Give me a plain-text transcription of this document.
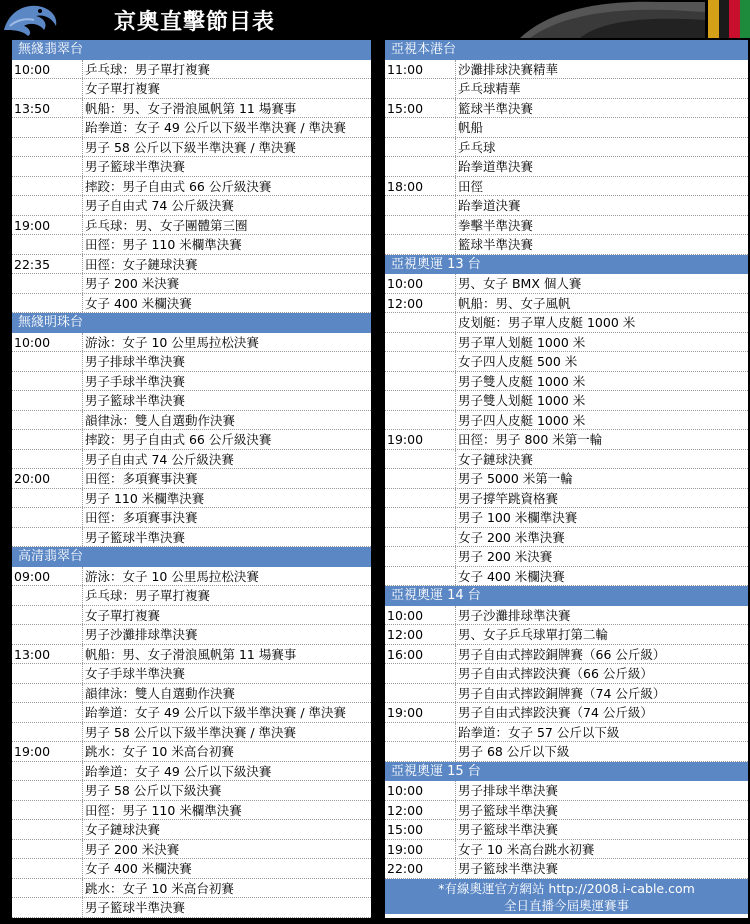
京奧直擊節目表
無綫翡翠台
10:00	乒乓球：男子單打複賽
女子單打複賽
13:50	帆船：男、女子滑浪風帆第 11 場賽事
跆拳道：女子 49 公斤以下級半準決賽 / 準決賽
男子 58 公斤以下級半準決賽 / 準決賽
男子籃球半準決賽
摔跤：男子自由式 66 公斤級決賽
男子自由式 74 公斤級決賽
19:00	乒乓球：男、女子團體第三圈
田徑：男子 110 米欄準決賽
22:35	田徑：女子鏈球決賽
男子 200 米決賽
女子 400 米欄決賽
無綫明珠台
10:00	游泳：女子 10 公里馬拉松決賽
男子排球半準決賽
男子手球半準決賽
男子籃球半準決賽
韻律泳：雙人自選動作決賽
摔跤：男子自由式 66 公斤級決賽
男子自由式 74 公斤級決賽
20:00	田徑：多項賽事決賽
男子 110 米欄準決賽
田徑：多項賽事決賽
男子籃球半準決賽
高清翡翠台
09:00	游泳：女子 10 公里馬拉松決賽
乒乓球：男子單打複賽
女子單打複賽
男子沙灘排球準決賽
13:00	帆船：男、女子滑浪風帆第 11 場賽事
女子手球半準決賽
韻律泳：雙人自選動作決賽
跆拳道：女子 49 公斤以下級半準決賽 / 準決賽
男子 58 公斤以下級半準決賽 / 準決賽
19:00	跳水：女子 10 米高台初賽
跆拳道：女子 49 公斤以下級決賽
男子 58 公斤以下級決賽
田徑：男子 110 米欄準決賽
女子鏈球決賽
男子 200 米決賽
女子 400 米欄決賽
跳水：女子 10 米高台初賽
男子籃球半準決賽
亞視本港台
11:00	沙灘排球決賽精華
乒乓球精華
15:00	籃球半準決賽
帆船
乒乓球
跆拳道準決賽
18:00	田徑
跆拳道決賽
拳擊半準決賽
籃球半準決賽
亞視奧運 13 台
10:00	男、女子 BMX 個人賽
12:00	帆船：男、女子風帆
皮划艇：男子單人皮艇 1000 米
男子單人划艇 1000 米
女子四人皮艇 500 米
男子雙人皮艇 1000 米
男子雙人划艇 1000 米
男子四人皮艇 1000 米
19:00	田徑：男子 800 米第一輪
女子鏈球決賽
男子 5000 米第一輪
男子撐竿跳資格賽
男子 100 米欄準決賽
女子 200 米準決賽
男子 200 米決賽
女子 400 米欄決賽
亞視奧運 14 台
10:00	男子沙灘排球準決賽
12:00	男、女子乒乓球單打第二輪
16:00	男子自由式摔跤銅牌賽（66 公斤級）
男子自由式摔跤決賽（66 公斤級）
男子自由式摔跤銅牌賽（74 公斤級）
19:00	男子自由式摔跤決賽（74 公斤級）
跆拳道：女子 57 公斤以下級
男子 68 公斤以下級
亞視奧運 15 台
10:00	男子排球半準決賽
12:00	男子籃球半準決賽
15:00	男子籃球半準決賽
19:00	女子 10 米高台跳水初賽
22:00	男子籃球半準決賽
*有線奧運官方網站 http://2008.i-cable.com
全日直播今屆奧運賽事
